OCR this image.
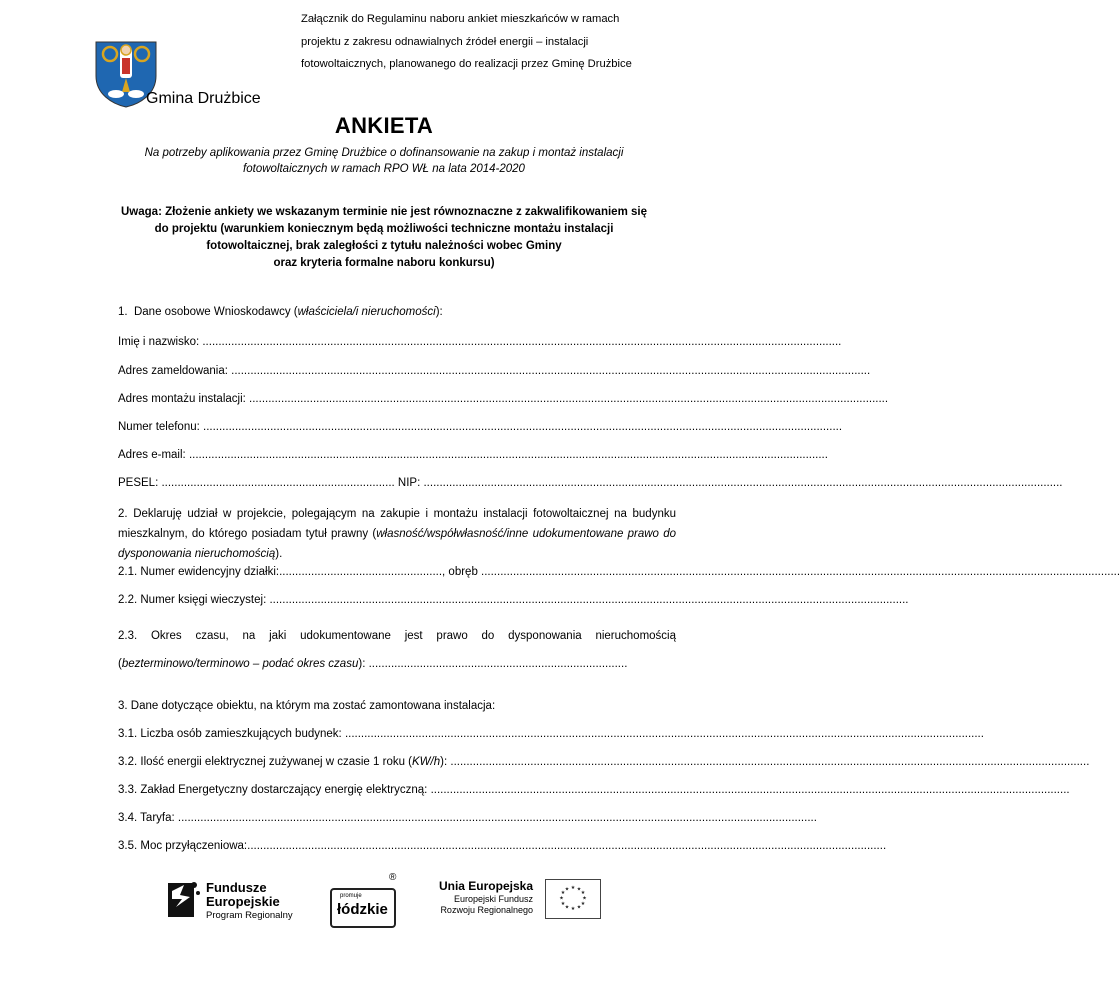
Załącznik do Regulaminu naboru ankiet mieszkańców w ramach
projektu z zakresu odnawialnych źródeł energii – instalacji
fotowoltaicznych, planowanego do realizacji przez Gminę Drużbice
Gmina Drużbice
ANKIETA
Na potrzeby aplikowania przez Gminę Drużbice o dofinansowanie na zakup i montaż instalacji
fotowoltaicznych w ramach RPO WŁ na lata 2014-2020
Uwaga: Złożenie ankiety we wskazanym terminie nie jest równoznaczne z zakwalifikowaniem się
do projektu (warunkiem koniecznym będą możliwości techniczne montażu instalacji
fotowoltaicznej, brak zaległości z tytułu należności wobec Gminy
oraz kryteria formalne naboru konkursu)
1.  Dane osobowe Wnioskodawcy (właściciela/i nieruchomości):
Imię i nazwisko: ........................................................................................................................................................................................................
Adres zameldowania: ........................................................................................................................................................................................................
Adres montażu instalacji: ........................................................................................................................................................................................................
Numer telefonu: ........................................................................................................................................................................................................
Adres e-mail: ........................................................................................................................................................................................................
PESEL: ......................................................................... NIP: ........................................................................................................................................................................................................
2. Deklaruję udział w projekcie, polegającym na zakupie i montażu instalacji fotowoltaicznej na budynku mieszkalnym, do którego posiadam tytuł prawny (własność/współwłasność/inne udokumentowane prawo do dysponowania nieruchomością).
2.1. Numer ewidencyjny działki:..................................................., obręb ........................................................................................................................................................................................................
2.2. Numer księgi wieczystej: ........................................................................................................................................................................................................
2.3. Okres czasu, na jaki udokumentowane jest prawo do dysponowania nieruchomością (bezterminowo/terminowo – podać okres czasu): .................................................................................
3. Dane dotyczące obiektu, na którym ma zostać zamontowana instalacja:
3.1. Liczba osób zamieszkujących budynek: ........................................................................................................................................................................................................
3.2. Ilość energii elektrycznej zużywanej w czasie 1 roku (KW/h): ........................................................................................................................................................................................................
3.3. Zakład Energetyczny dostarczający energię elektryczną: ........................................................................................................................................................................................................
3.4. Taryfa: ........................................................................................................................................................................................................
3.5. Moc przyłączeniowa:........................................................................................................................................................................................................
Fundusze
Europejskie
Program Regionalny
promuje
łódzkie
®
Unia Europejska
Europejski Fundusz
Rozwoju Regionalnego
★ ★
★
★
★
★
★
★
★
★
★
★
